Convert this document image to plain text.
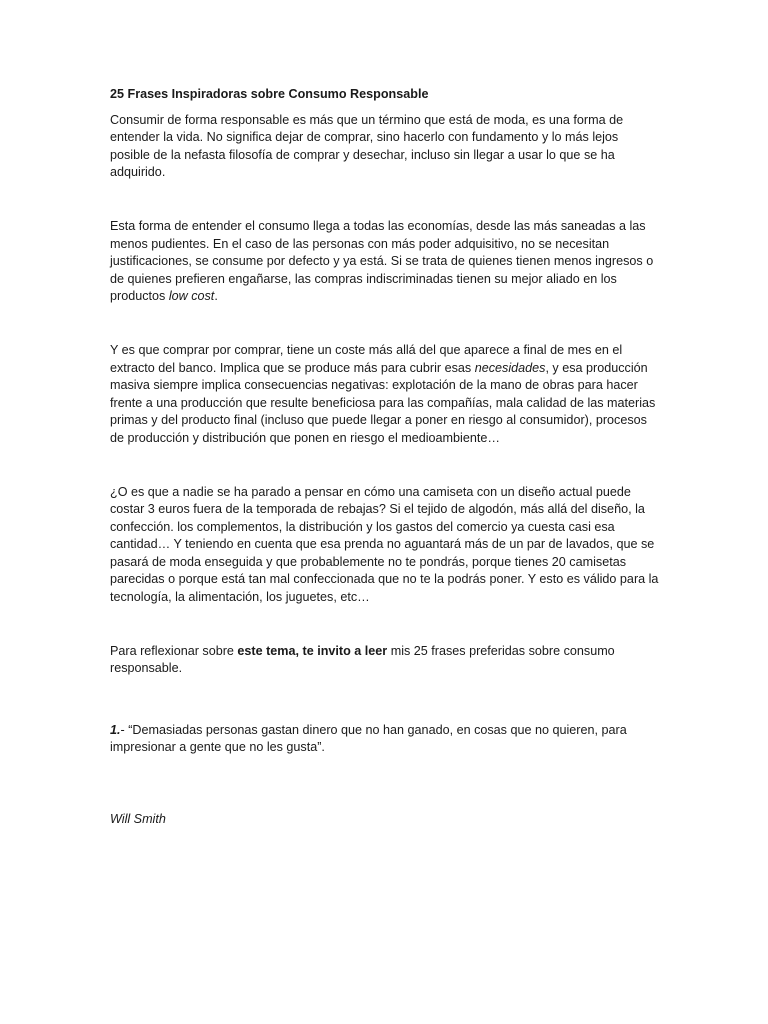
25 Frases Inspiradoras sobre Consumo Responsable

Consumir de forma responsable es más que un término que está de moda, es una forma de entender la vida. No significa dejar de comprar, sino hacerlo con fundamento y lo más lejos posible de la nefasta filosofía de comprar y desechar, incluso sin llegar a usar lo que se ha adquirido.

Esta forma de entender el consumo llega a todas las economías, desde las más saneadas a las menos pudientes. En el caso de las personas con más poder adquisitivo, no se necesitan justificaciones, se consume por defecto y ya está. Si se trata de quienes tienen menos ingresos o de quienes prefieren engañarse, las compras indiscriminadas tienen su mejor aliado en los productos low cost.

Y es que comprar por comprar, tiene un coste más allá del que aparece a final de mes en el extracto del banco. Implica que se produce más para cubrir esas necesidades, y esa producción masiva siempre implica consecuencias negativas: explotación de la mano de obras para hacer frente a una producción que resulte beneficiosa para las compañías, mala calidad de las materias primas y del producto final (incluso que puede llegar a poner en riesgo al consumidor), procesos de producción y distribución que ponen en riesgo el medioambiente…

¿O es que a nadie se ha parado a pensar en cómo una camiseta con un diseño actual puede costar 3 euros fuera de la temporada de rebajas? Si el tejido de algodón, más allá del diseño, la confección. los complementos, la distribución y los gastos del comercio ya cuesta casi esa cantidad… Y teniendo en cuenta que esa prenda no aguantará más de un par de lavados, que se pasará de moda enseguida y que probablemente no te pondrás, porque tienes 20 camisetas parecidas o porque está tan mal confeccionada que no te la podrás poner. Y esto es válido para la tecnología, la alimentación, los juguetes, etc…

Para reflexionar sobre este tema, te invito a leer mis 25 frases preferidas sobre consumo responsable.

1.- “Demasiadas personas gastan dinero que no han ganado, en cosas que no quieren, para impresionar a gente que no les gusta”.

Will Smith
